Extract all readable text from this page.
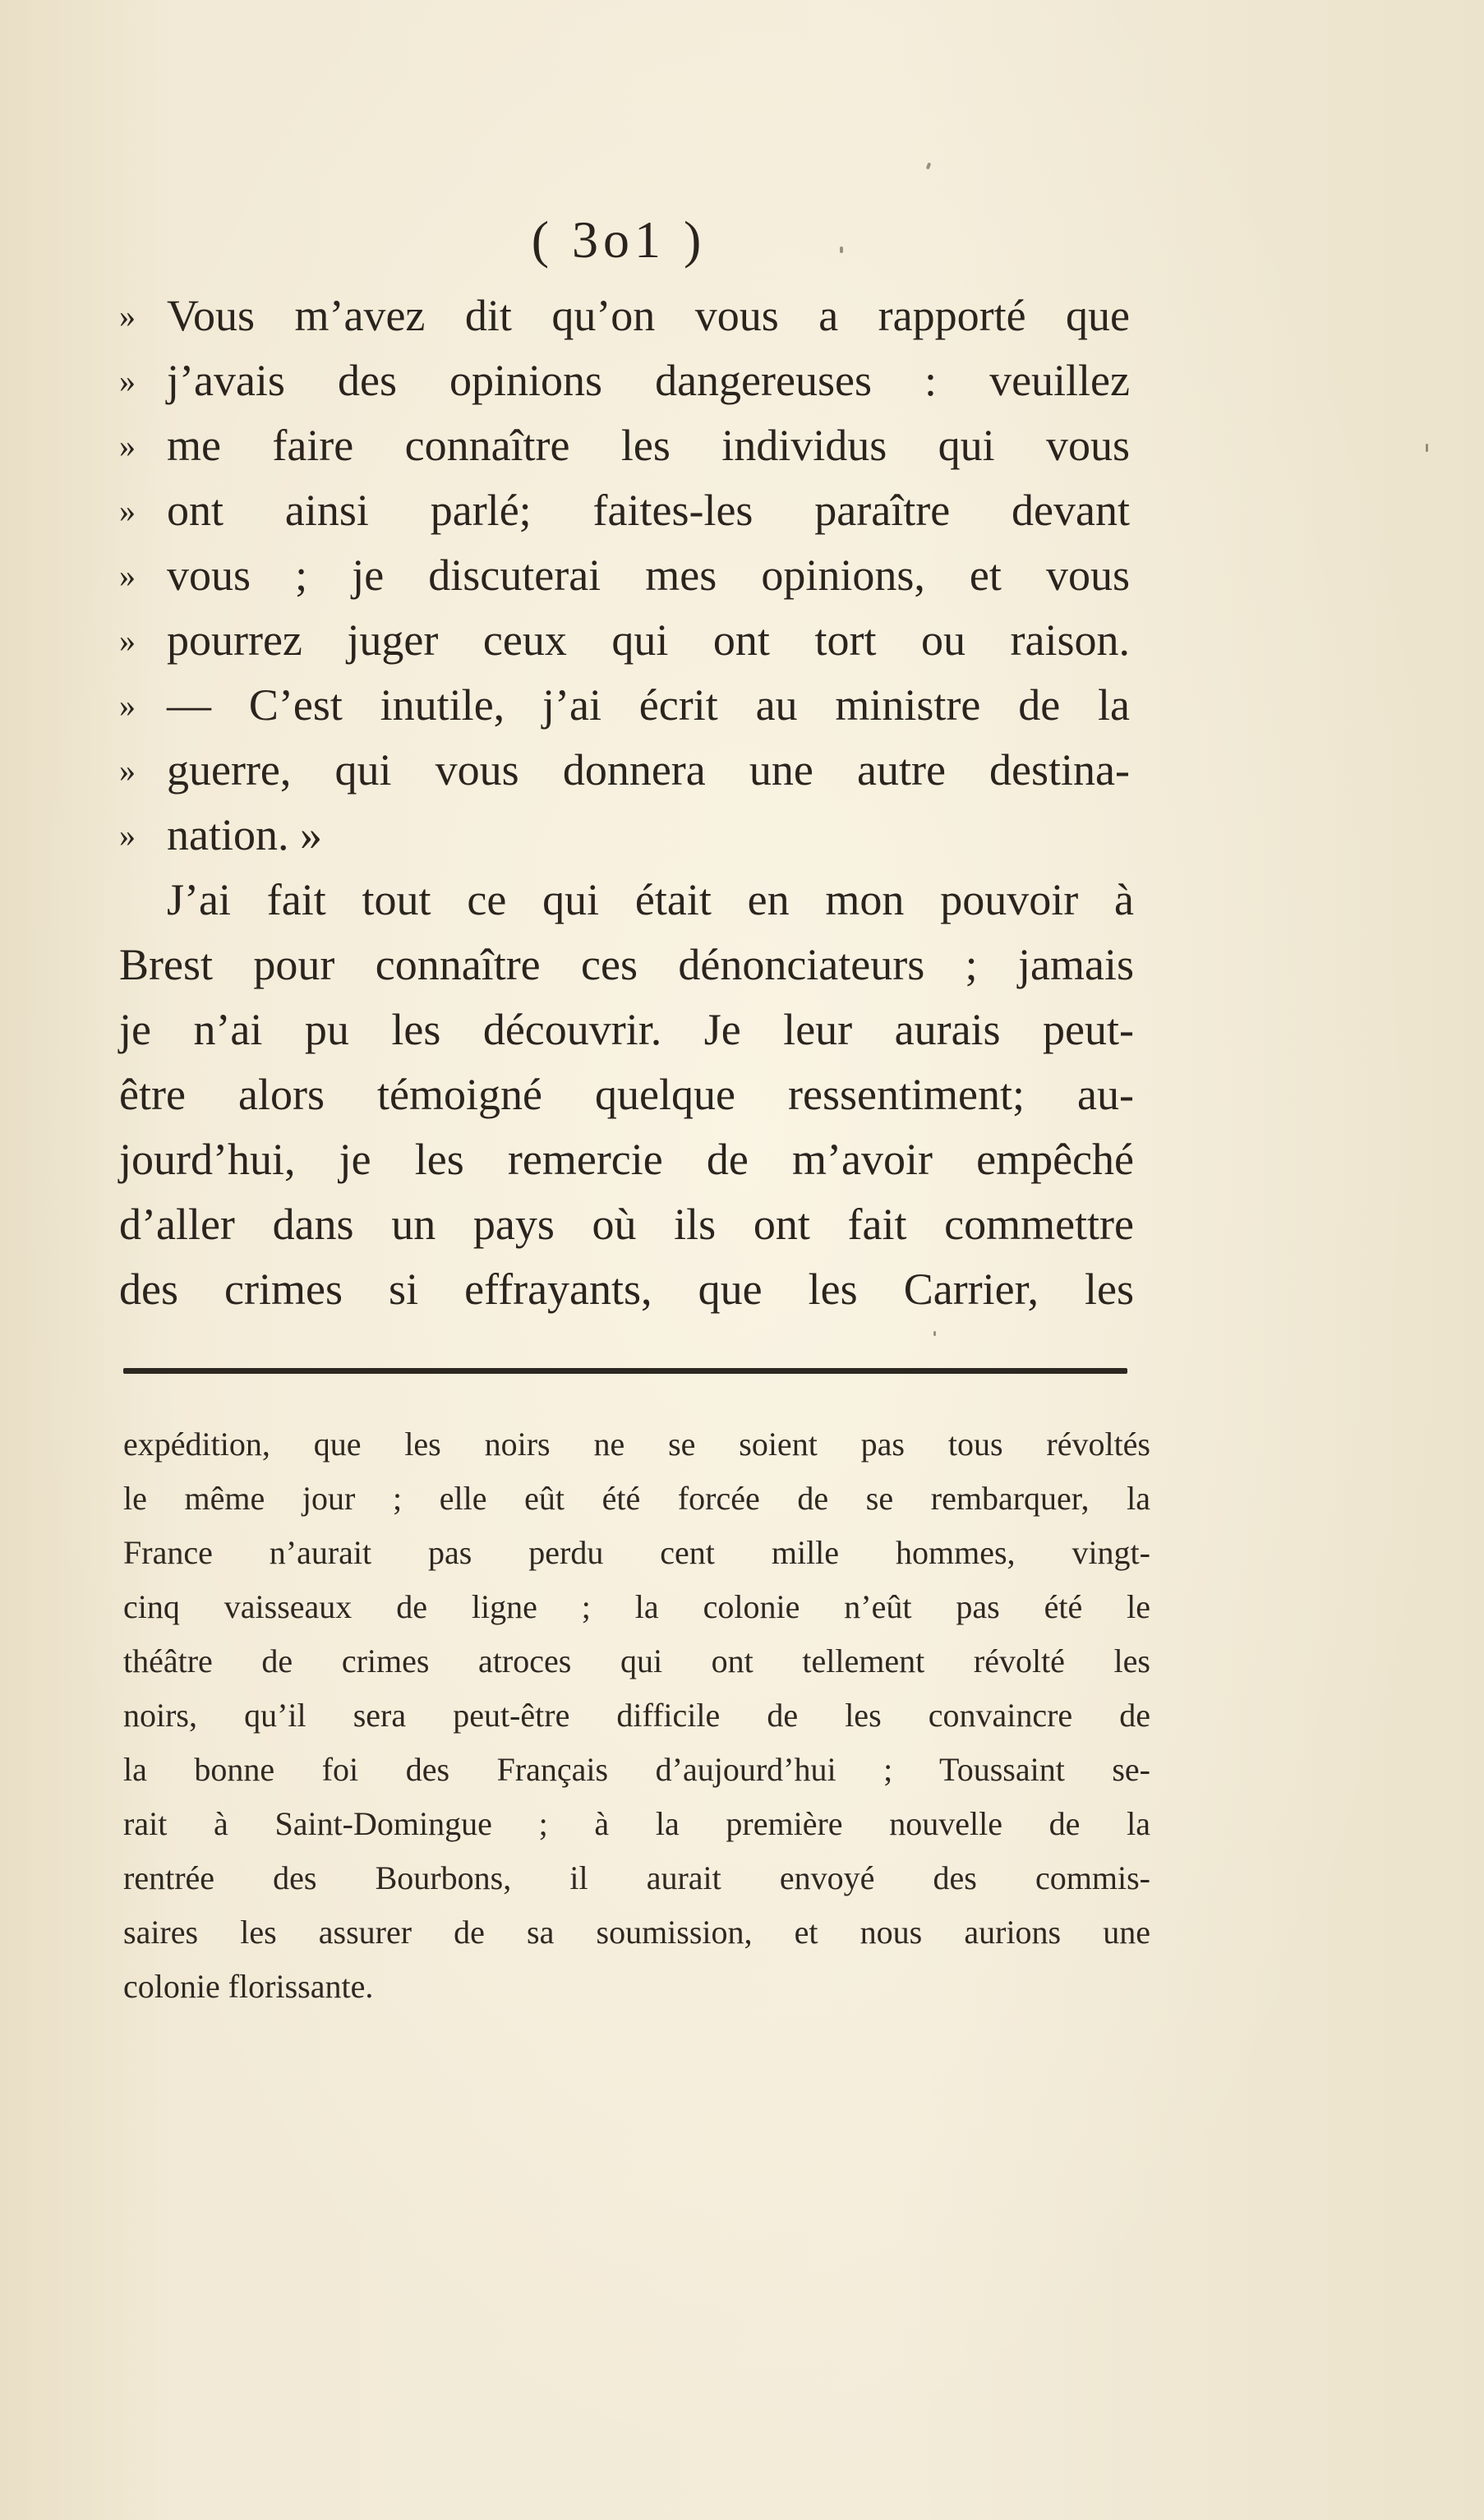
( 3o1 )
» Vous m’avez dit qu’on vous a rapporté que
» j’avais des opinions dangereuses : veuillez
» me faire connaître les individus qui vous
» ont ainsi parlé; faites-les paraître devant
» vous ; je discuterai mes opinions, et vous
» pourrez juger ceux qui ont tort ou raison.
» — C’est inutile, j’ai écrit au ministre de la
» guerre, qui vous donnera une autre destina-
» nation. »
J’ai fait tout ce qui était en mon pouvoir à
Brest pour connaître ces dénonciateurs ; jamais
je n’ai pu les découvrir. Je leur aurais peut-
être alors témoigné quelque ressentiment; au-
jourd’hui, je les remercie de m’avoir empêché
d’aller dans un pays où ils ont fait commettre
des crimes si effrayants, que les Carrier, les
expédition, que les noirs ne se soient pas tous révoltés
le même jour ; elle eût été forcée de se rembarquer, la
France n’aurait pas perdu cent mille hommes, vingt-
cinq vaisseaux de ligne ; la colonie n’eût pas été le
théâtre de crimes atroces qui ont tellement révolté les
noirs, qu’il sera peut-être difficile de les convaincre de
la bonne foi des Français d’aujourd’hui ; Toussaint se-
rait à Saint-Domingue ; à la première nouvelle de la
rentrée des Bourbons, il aurait envoyé des commis-
saires les assurer de sa soumission, et nous aurions une
colonie florissante.
